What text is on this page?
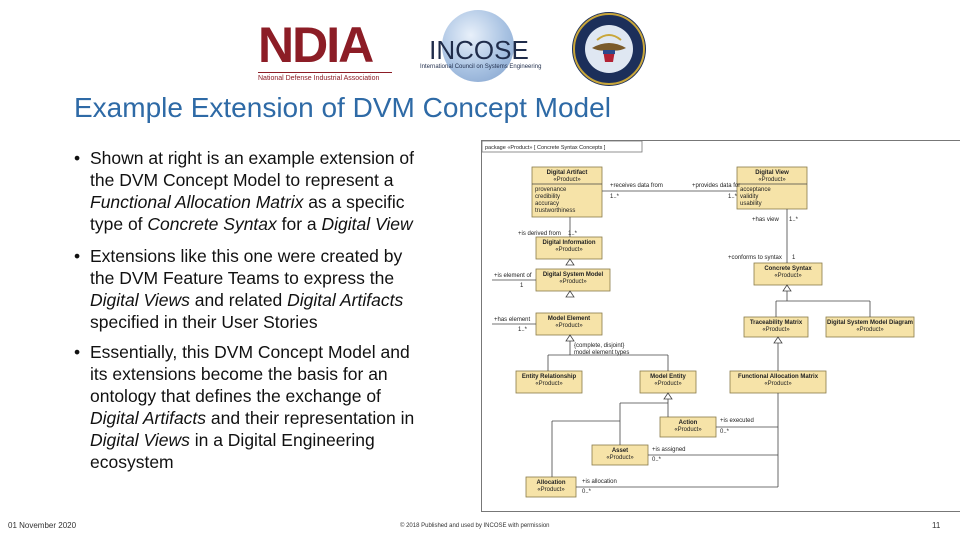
NDIA
National Defense Industrial Association
INCOSE
International Council on Systems Engineering
Example Extension of DVM Concept Model
• Shown at right is an example extension of
the DVM Concept Model to represent a
Functional Allocation Matrix as a specific
type of Concrete Syntax for a Digital View
• Extensions like this one were created by
the DVM Feature Teams to express the
Digital Views and related Digital Artifacts
specified in their User Stories
• Essentially, this DVM Concept Model and
its extensions become the basis for an
ontology that defines the exchange of
Digital Artifacts and their representation in
Digital Views in a Digital Engineering
ecosystem
package «Product» [ Concrete Syntax Concepts ]
Digital Artifact
«Product»
provenance
credibility
accuracy
trustworthiness
Digital View
«Product»
acceptance
validity
usability
Digital Information
«Product»
Digital System Model
«Product»
Model Element
«Product»
Concrete Syntax
«Product»
Traceability Matrix
«Product»
Digital System Model Diagram
«Product»
Entity Relationship
«Product»
Model Entity
«Product»
Functional Allocation Matrix
«Product»
Action
«Product»
Asset
«Product»
Allocation
«Product»
+receives data from	+provides data for
1..*	1..*
+has view 1..*
+is derived from 1..*
+conforms to syntax 1
+is element of
1
+has element
1..*
{complete, disjoint}
model element types
+is executed
0..*
+is assigned
0..*
+is allocation
0..*
01 November 2020	© 2018 Published and used by INCOSE with permission	11
